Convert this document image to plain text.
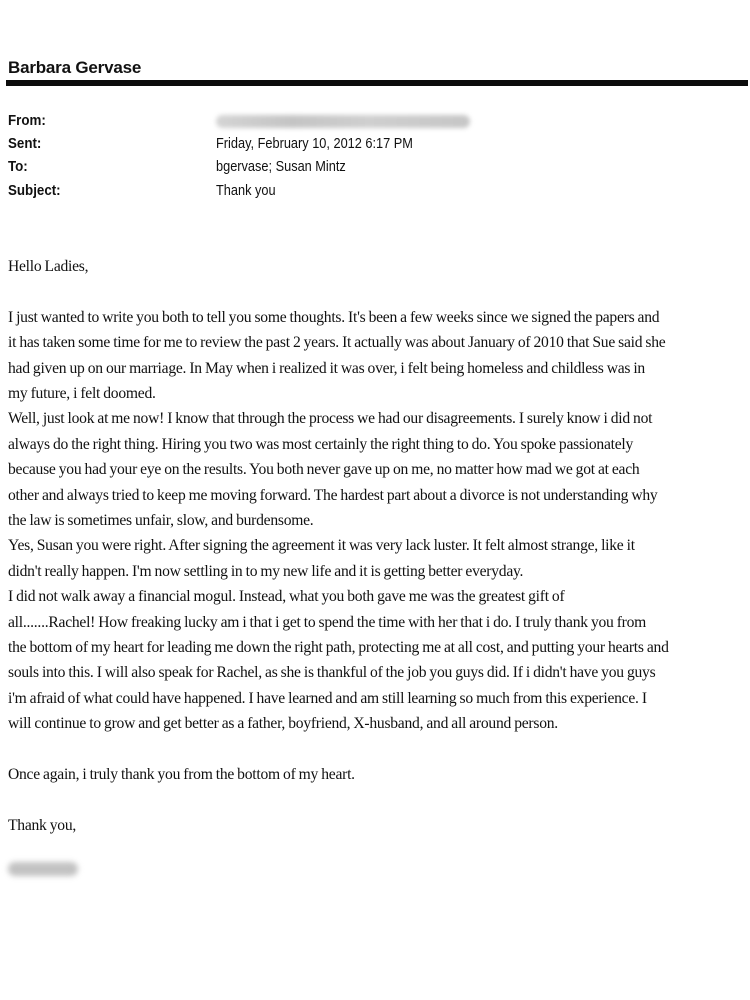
Barbara Gervase
From:
Sent:	Friday, February 10, 2012 6:17 PM
To:	bgervase; Susan Mintz
Subject:	Thank you
Hello Ladies,
I just wanted to write you both to tell you some thoughts. It's been a few weeks since we signed the papers and
it has taken some time for me to review the past 2 years. It actually was about January of 2010 that Sue said she
had given up on our marriage. In May when i realized it was over, i felt being homeless and childless was in
my future, i felt doomed.
Well, just look at me now! I know that through the process we had our disagreements. I surely know i did not
always do the right thing. Hiring you two was most certainly the right thing to do. You spoke passionately
because you had your eye on the results. You both never gave up on me, no matter how mad we got at each
other and always tried to keep me moving forward. The hardest part about a divorce is not understanding why
the law is sometimes unfair, slow, and burdensome.
Yes, Susan you were right. After signing the agreement it was very lack luster. It felt almost strange, like it
didn't really happen. I'm now settling in to my new life and it is getting better everyday.
I did not walk away a financial mogul. Instead, what you both gave me was the greatest gift of
all.......Rachel! How freaking lucky am i that i get to spend the time with her that i do. I truly thank you from
the bottom of my heart for leading me down the right path, protecting me at all cost, and putting your hearts and
souls into this. I will also speak for Rachel, as she is thankful of the job you guys did. If i didn't have you guys
i'm afraid of what could have happened. I have learned and am still learning so much from this experience. I
will continue to grow and get better as a father, boyfriend, X-husband, and all around person.
Once again, i truly thank you from the bottom of my heart.
Thank you,
